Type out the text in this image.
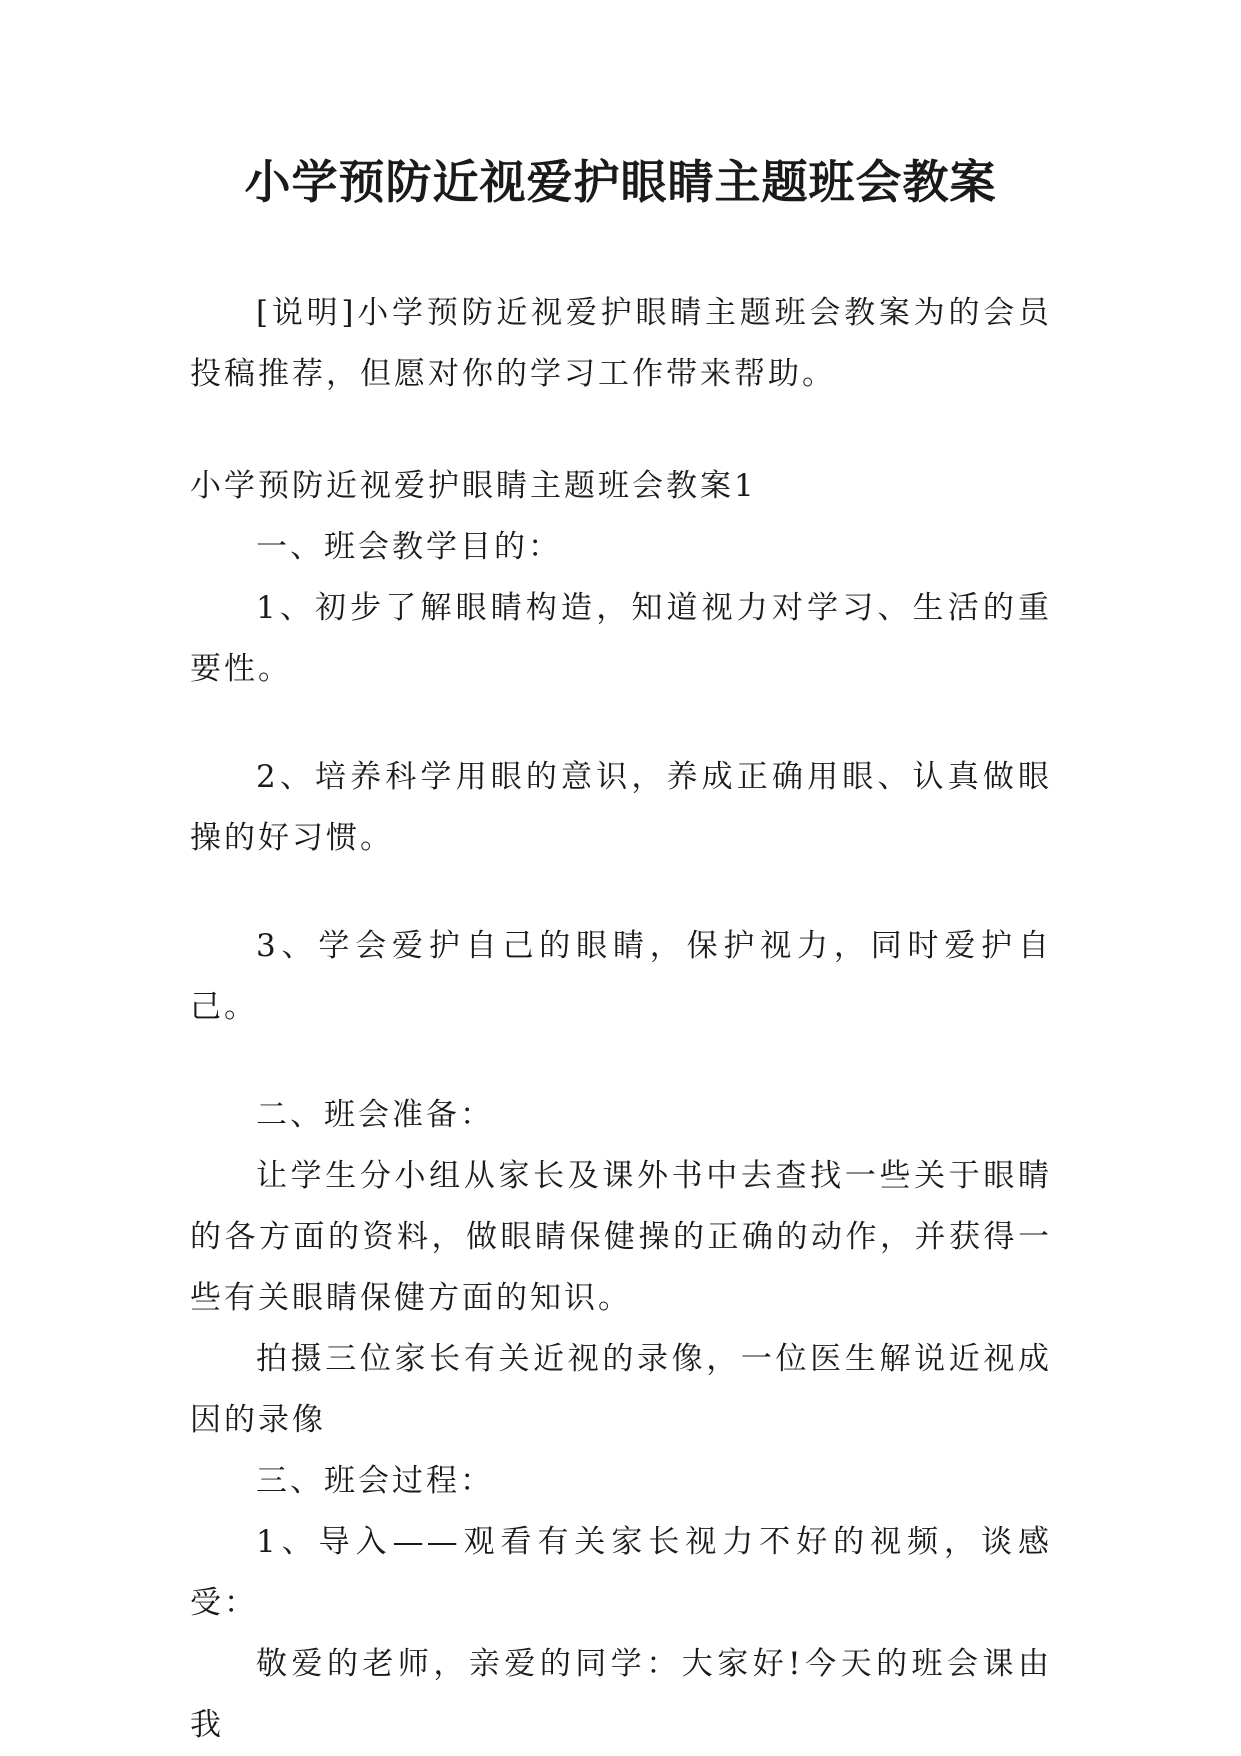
小学预防近视爱护眼睛主题班会教案

[说明]小学预防近视爱护眼睛主题班会教案为的会员投稿推荐，但愿对你的学习工作带来帮助。

小学预防近视爱护眼睛主题班会教案1

一、班会教学目的：

1、初步了解眼睛构造，知道视力对学习、生活的重要性。

2、培养科学用眼的意识，养成正确用眼、认真做眼操的好习惯。

3、学会爱护自己的眼睛，保护视力，同时爱护自己。

二、班会准备：

让学生分小组从家长及课外书中去查找一些关于眼睛的各方面的资料，做眼睛保健操的正确的动作，并获得一些有关眼睛保健方面的知识。

拍摄三位家长有关近视的录像，一位医生解说近视成因的录像

三、班会过程：

1、导入——观看有关家长视力不好的视频，谈感受：

敬爱的老师，亲爱的同学：大家好!今天的班会课由我
